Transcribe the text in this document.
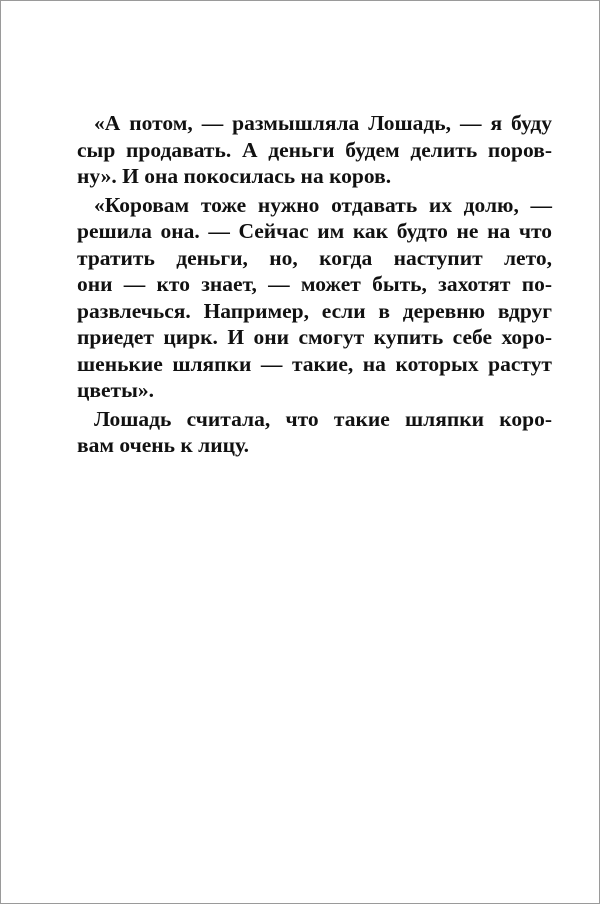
«А потом, — размышляла Лошадь, — я буду
сыр продавать. А деньги будем делить поров-
ну». И она покосилась на коров.

«Коровам тоже нужно отдавать их долю, —
решила она. — Сейчас им как будто не на что
тратить деньги, но, когда наступит лето,
они — кто знает, — может быть, захотят по-
развлечься. Например, если в деревню вдруг
приедет цирк. И они смогут купить себе хоро-
шенькие шляпки — такие, на которых растут
цветы».

Лошадь считала, что такие шляпки коро-
вам очень к лицу.
